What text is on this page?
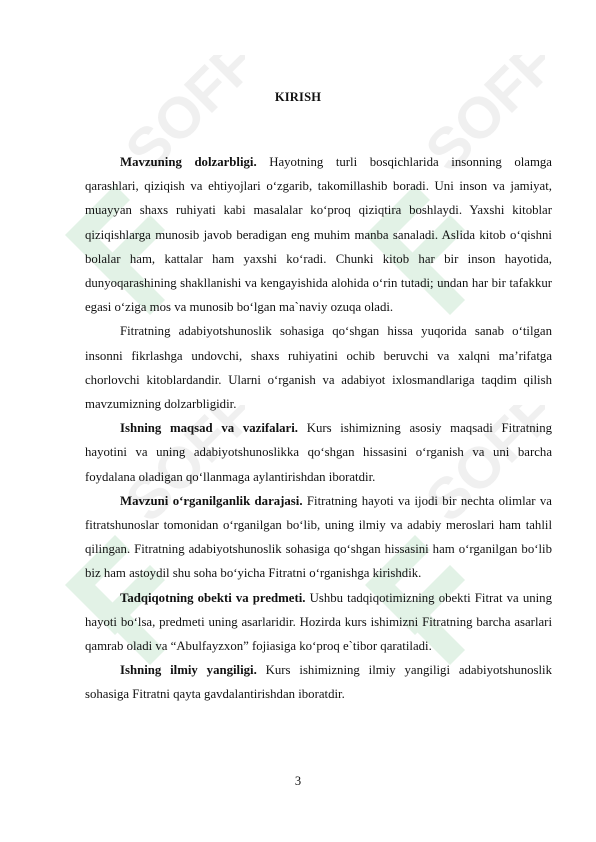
SOFF SOFF
SOFF SOFF
KIRISH

Mavzuning dolzarbligi. Hayotning turli bosqichlarida insonning olamga qarashlari, qiziqish va ehtiyojlari o‘zgarib, takomillashib boradi. Uni inson va jamiyat, muayyan shaxs ruhiyati kabi masalalar ko‘proq qiziqtira boshlaydi. Yaxshi kitoblar qiziqishlarga munosib javob beradigan eng muhim manba sanaladi. Aslida kitob o‘qishni bolalar ham, kattalar ham yaxshi ko‘radi. Chunki kitob har bir inson hayotida, dunyoqarashining shakllanishi va kengayishida alohida o‘rin tutadi; undan har bir tafakkur egasi o‘ziga mos va munosib bo‘lgan ma`naviy ozuqa oladi.

Fitratning adabiyotshunoslik sohasiga qo‘shgan hissa yuqorida sanab o‘tilgan insonni fikrlashga undovchi, shaxs ruhiyatini ochib beruvchi va xalqni ma’rifatga chorlovchi kitoblardandir. Ularni o‘rganish va adabiyot ixlosmandlariga taqdim qilish mavzumizning dolzarbligidir.

Ishning maqsad va vazifalari. Kurs ishimizning asosiy maqsadi Fitratning hayotini va uning adabiyotshunoslikka qo‘shgan hissasini o‘rganish va uni barcha foydalana oladigan qo‘llanmaga aylantirishdan iboratdir.

Mavzuni o‘rganilganlik darajasi. Fitratning hayoti va ijodi bir nechta olimlar va fitratshunoslar tomonidan o‘rganilgan bo‘lib, uning ilmiy va adabiy meroslari ham tahlil qilingan. Fitratning adabiyotshunoslik sohasiga qo‘shgan hissasini ham o‘rganilgan bo‘lib biz ham astoydil shu soha bo‘yicha Fitratni o‘rganishga kirishdik.

Tadqiqotning obekti va predmeti. Ushbu tadqiqotimizning obekti Fitrat va uning hayoti bo‘lsa, predmeti uning asarlaridir. Hozirda kurs ishimizni Fitratning barcha asarlari qamrab oladi va “Abulfayzxon” fojiasiga ko‘proq e`tibor qaratiladi.

Ishning ilmiy yangiligi. Kurs ishimizning ilmiy yangiligi adabiyotshunoslik sohasiga Fitratni qayta gavdalantirishdan iboratdir.

3
